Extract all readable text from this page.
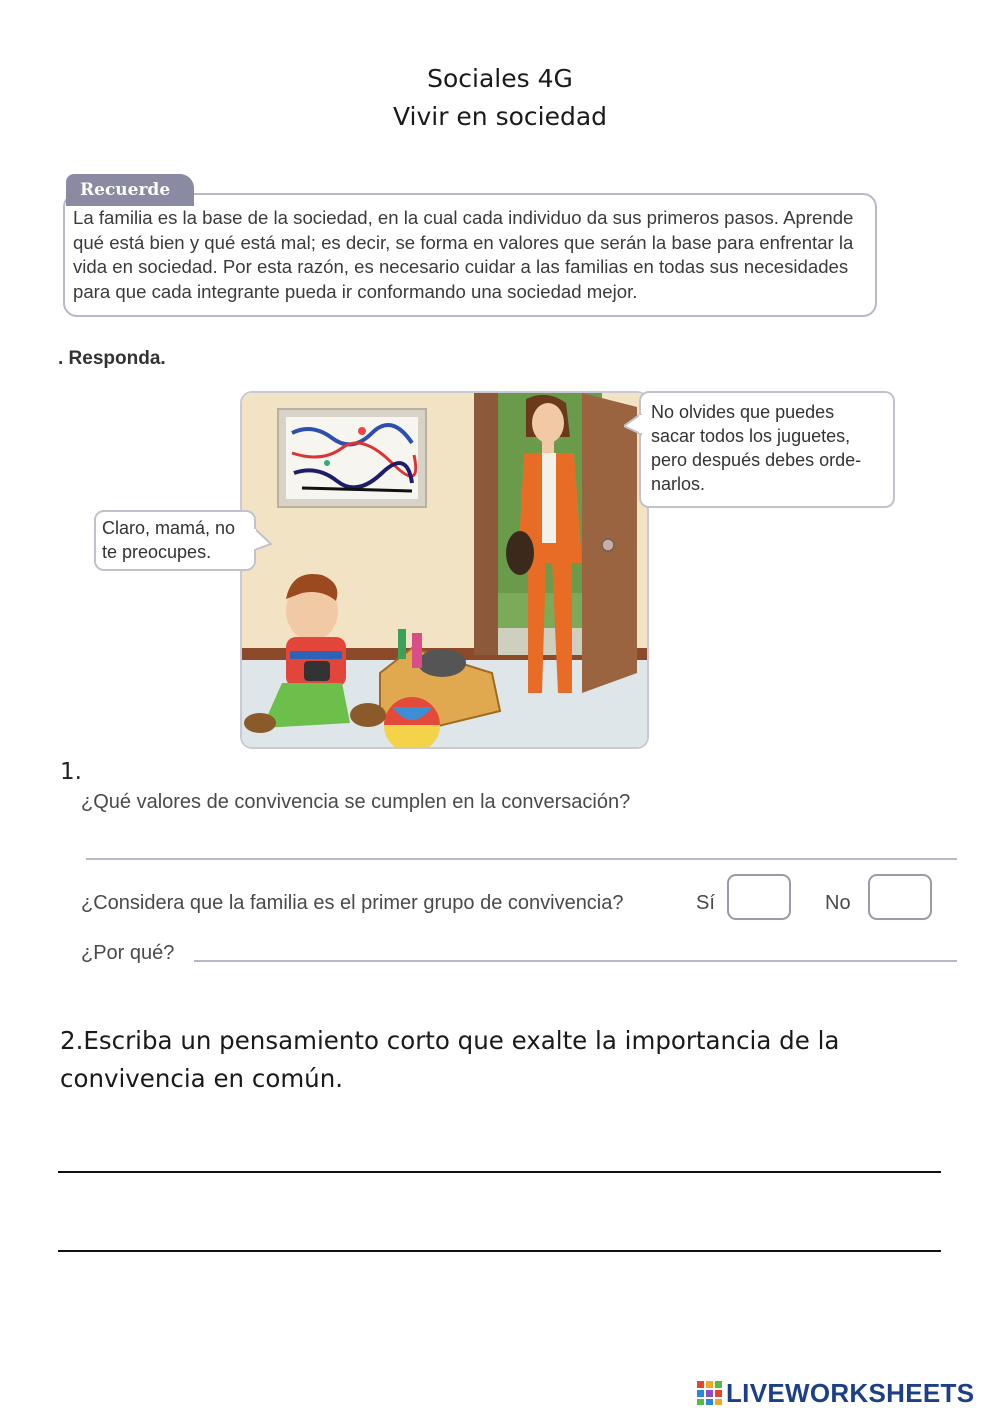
Sociales 4G
Vivir en sociedad
Recuerde
La familia es la base de la sociedad, en la cual cada individuo da sus primeros pasos. Aprende qué está bien y qué está mal; es decir, se forma en valores que serán la base para enfrentar la vida en sociedad. Por esta razón, es necesario cuidar a las familias en todas sus necesidades para que cada integrante pueda ir conformando una sociedad mejor.
. Responda.
No olvides que puedes sacar todos los juguetes, pero después debes orde-narlos.
Claro, mamá, no te preocupes.
1.
¿Qué valores de convivencia se cumplen en la conversación?
¿Considera que la familia es el primer grupo de convivencia?	Sí	No
¿Por qué?
2.Escriba un pensamiento corto que exalte la importancia de la convivencia en común.
LIVEWORKSHEETS
